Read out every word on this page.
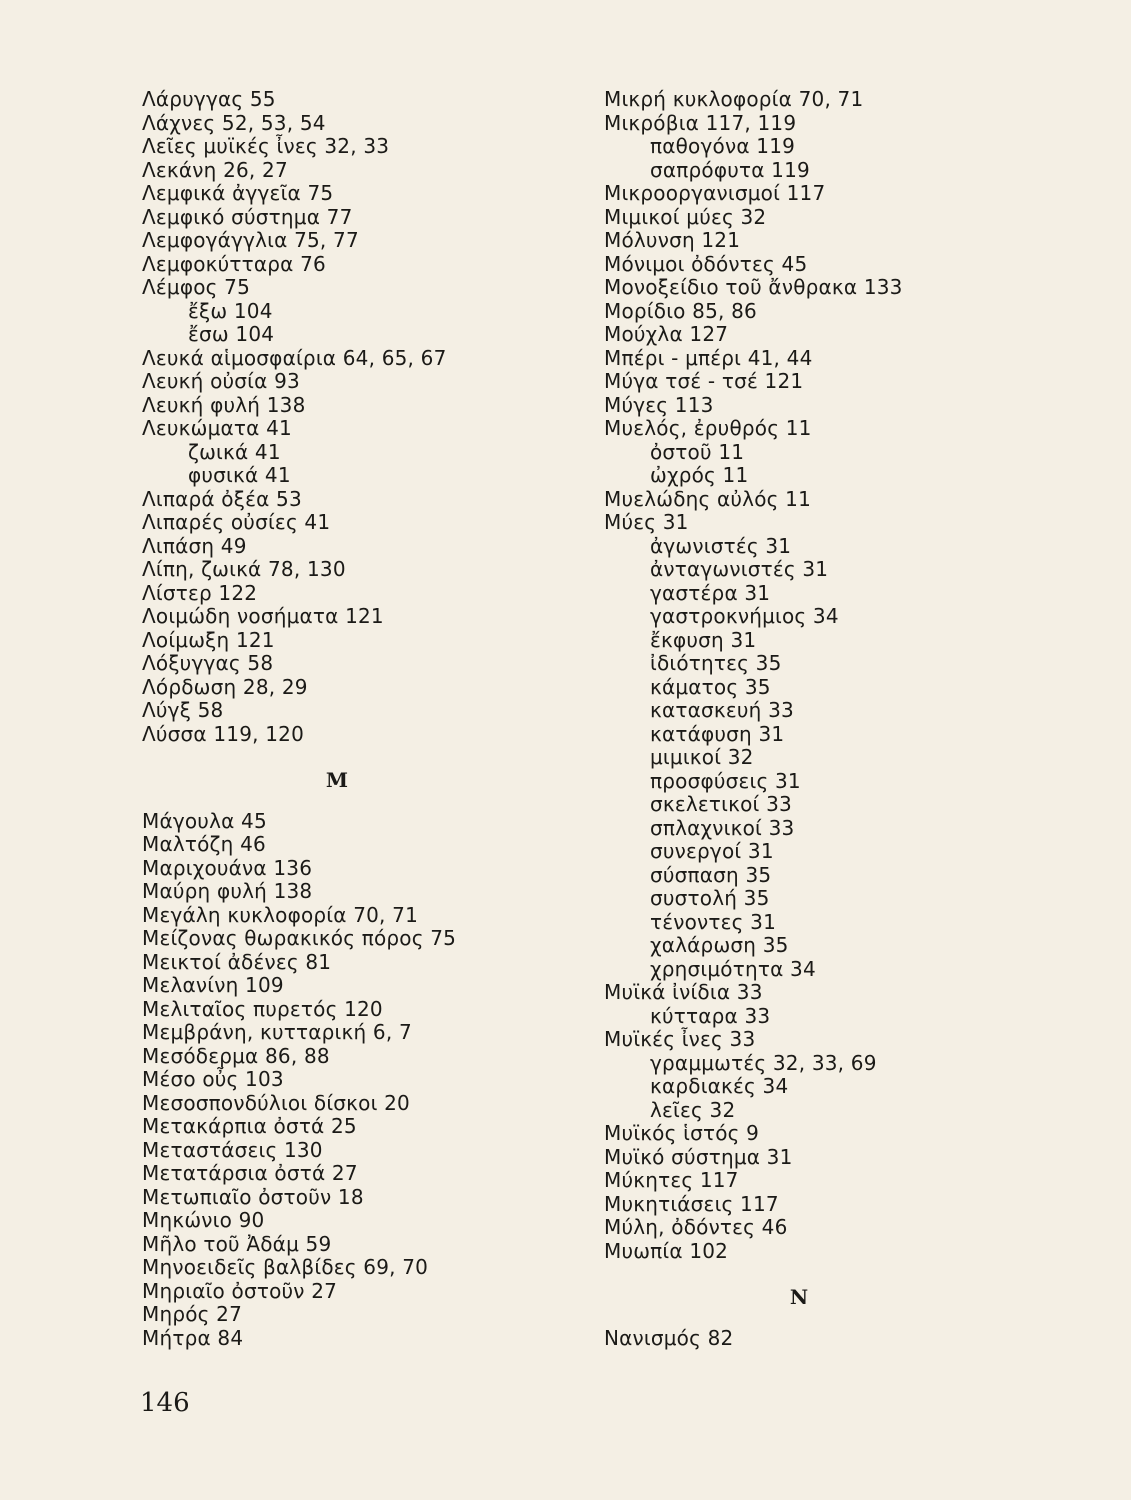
Λάρυγγας 55
Λάχνες 52, 53, 54
Λεῖες μυϊκές ἶνες 32, 33
Λεκάνη 26, 27
Λεμφικά ἀγγεῖα 75
Λεμφικό σύστημα 77
Λεμφογάγγλια 75, 77
Λεμφοκύτταρα 76
Λέμφος 75
ἔξω 104
ἔσω 104
Λευκά αἱμοσφαίρια 64, 65, 67
Λευκή οὐσία 93
Λευκή φυλή 138
Λευκώματα 41
ζωικά 41
φυσικά 41
Λιπαρά ὀξέα 53
Λιπαρές οὐσίες 41
Λιπάση 49
Λίπη, ζωικά 78, 130
Λίστερ 122
Λοιμώδη νοσήματα 121
Λοίμωξη 121
Λόξυγγας 58
Λόρδωση 28, 29
Λύγξ 58
Λύσσα 119, 120
Μ
Μάγουλα 45
Μαλτόζη 46
Μαριχουάνα 136
Μαύρη φυλή 138
Μεγάλη κυκλοφορία 70, 71
Μείζονας θωρακικός πόρος 75
Μεικτοί ἀδένες 81
Μελανίνη 109
Μελιταῖος πυρετός 120
Μεμβράνη, κυτταρική 6, 7
Μεσόδερμα 86, 88
Μέσο οὖς 103
Μεσοσπονδύλιοι δίσκοι 20
Μετακάρπια ὀστά 25
Μεταστάσεις 130
Μετατάρσια ὀστά 27
Μετωπιαῖο ὀστοῦν 18
Μηκώνιο 90
Μῆλο τοῦ Ἀδάμ 59
Μηνοειδεῖς βαλβίδες 69, 70
Μηριαῖο ὀστοῦν 27
Μηρός 27
Μήτρα 84
Μικρή κυκλοφορία 70, 71
Μικρόβια 117, 119
παθογόνα 119
σαπρόφυτα 119
Μικροοργανισμοί 117
Μιμικοί μύες 32
Μόλυνση 121
Μόνιμοι ὀδόντες 45
Μονοξείδιο τοῦ ἄνθρακα 133
Μορίδιο 85, 86
Μούχλα 127
Μπέρι - μπέρι 41, 44
Μύγα τσέ - τσέ 121
Μύγες 113
Μυελός, ἐρυθρός 11
ὀστοῦ 11
ὠχρός 11
Μυελώδης αὐλός 11
Μύες 31
ἀγωνιστές 31
ἀνταγωνιστές 31
γαστέρα 31
γαστροκνήμιος 34
ἔκφυση 31
ἰδιότητες 35
κάματος 35
κατασκευή 33
κατάφυση 31
μιμικοί 32
προσφύσεις 31
σκελετικοί 33
σπλαχνικοί 33
συνεργοί 31
σύσπαση 35
συστολή 35
τένοντες 31
χαλάρωση 35
χρησιμότητα 34
Μυϊκά ἰνίδια 33
κύτταρα 33
Μυϊκές ἶνες 33
γραμμωτές 32, 33, 69
καρδιακές 34
λεῖες 32
Μυϊκός ἱστός 9
Μυϊκό σύστημα 31
Μύκητες 117
Μυκητιάσεις 117
Μύλη, ὀδόντες 46
Μυωπία 102
Ν
Νανισμός 82
146
